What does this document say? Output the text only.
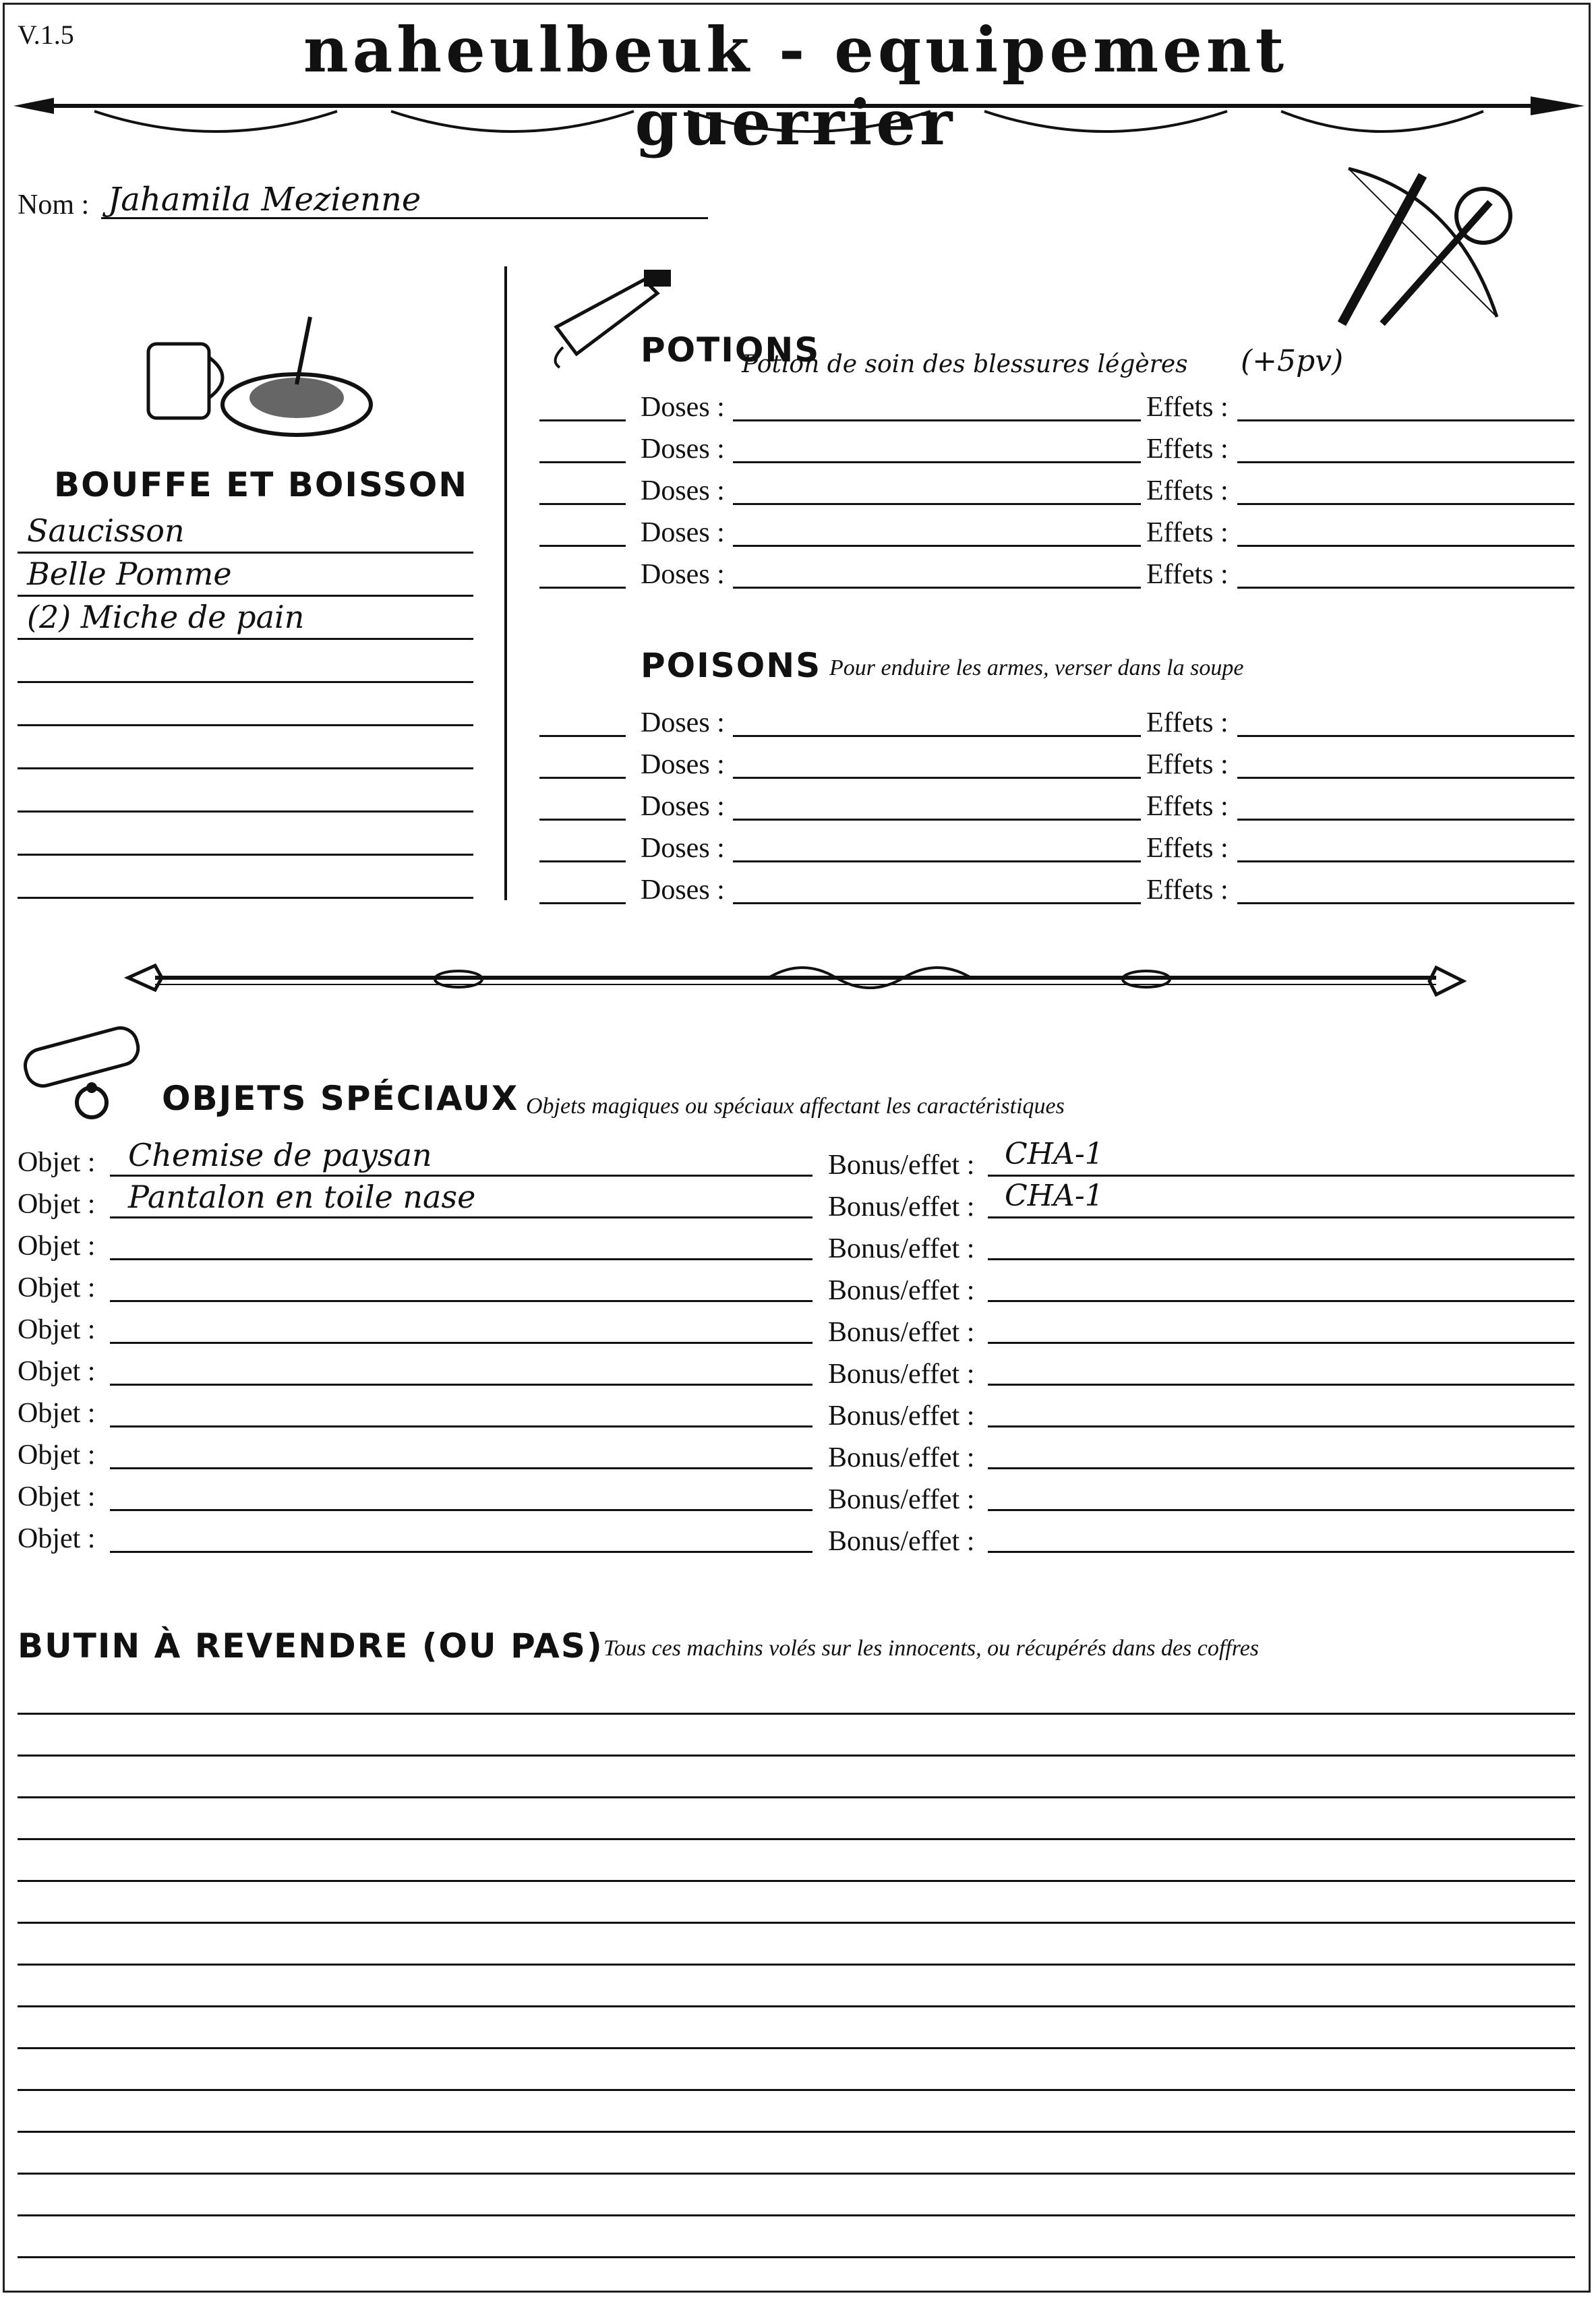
V.1.5	naheulbeuk - equipement guerrier
Nom : Jahamila Mezienne
BOUFFE ET BOISSON
Saucisson
Belle Pomme
(2) Miche de pain
POTIONS
Potion de soin des blessures légères (+5pv)
Doses :	Effets :
Doses :	Effets :
Doses :	Effets :
Doses :	Effets :
Doses :	Effets :
POISONS Pour enduire les armes, verser dans la soupe
Doses :	Effets :
Doses :	Effets :
Doses :	Effets :
Doses :	Effets :
Doses :	Effets :
OBJETS SPÉCIAUX Objets magiques ou spéciaux affectant les caractéristiques
Objet : Chemise de paysan	Bonus/effet : CHA-1
Objet : Pantalon en toile nase	Bonus/effet : CHA-1
Objet :	Bonus/effet :
Objet :	Bonus/effet :
Objet :	Bonus/effet :
Objet :	Bonus/effet :
Objet :	Bonus/effet :
Objet :	Bonus/effet :
Objet :	Bonus/effet :
Objet :	Bonus/effet :
BUTIN À REVENDRE (OU PAS) Tous ces machins volés sur les innocents, ou récupérés dans des coffres
